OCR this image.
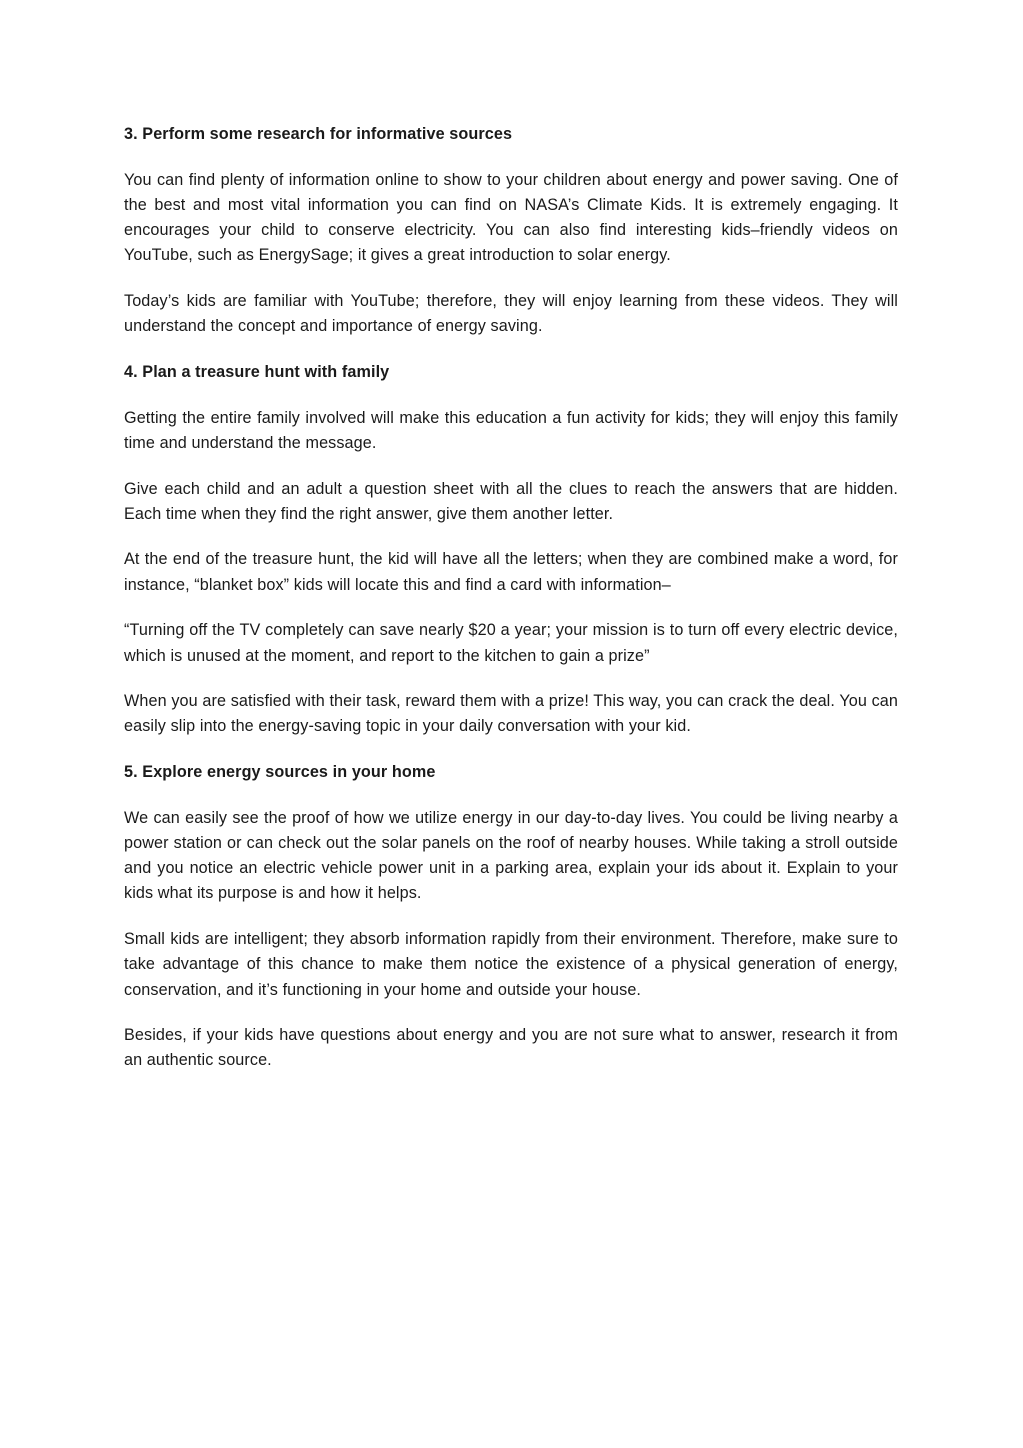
3. Perform some research for informative sources
You can find plenty of information online to show to your children about energy and power saving. One of the best and most vital information you can find on NASA’s Climate Kids. It is extremely engaging. It encourages your child to conserve electricity. You can also find interesting kids–friendly videos on YouTube, such as EnergySage; it gives a great introduction to solar energy.
Today’s kids are familiar with YouTube; therefore, they will enjoy learning from these videos. They will understand the concept and importance of energy saving.
4. Plan a treasure hunt with family
Getting the entire family involved will make this education a fun activity for kids; they will enjoy this family time and understand the message.
Give each child and an adult a question sheet with all the clues to reach the answers that are hidden. Each time when they find the right answer, give them another letter.
At the end of the treasure hunt, the kid will have all the letters; when they are combined make a word, for instance, “blanket box” kids will locate this and find a card with information–
“Turning off the TV completely can save nearly $20 a year; your mission is to turn off every electric device, which is unused at the moment, and report to the kitchen to gain a prize”
When you are satisfied with their task, reward them with a prize! This way, you can crack the deal. You can easily slip into the energy-saving topic in your daily conversation with your kid.
5. Explore energy sources in your home
We can easily see the proof of how we utilize energy in our day-to-day lives. You could be living nearby a power station or can check out the solar panels on the roof of nearby houses. While taking a stroll outside and you notice an electric vehicle power unit in a parking area, explain your ids about it. Explain to your kids what its purpose is and how it helps.
Small kids are intelligent; they absorb information rapidly from their environment. Therefore, make sure to take advantage of this chance to make them notice the existence of a physical generation of energy, conservation, and it’s functioning in your home and outside your house.
Besides, if your kids have questions about energy and you are not sure what to answer, research it from an authentic source.
